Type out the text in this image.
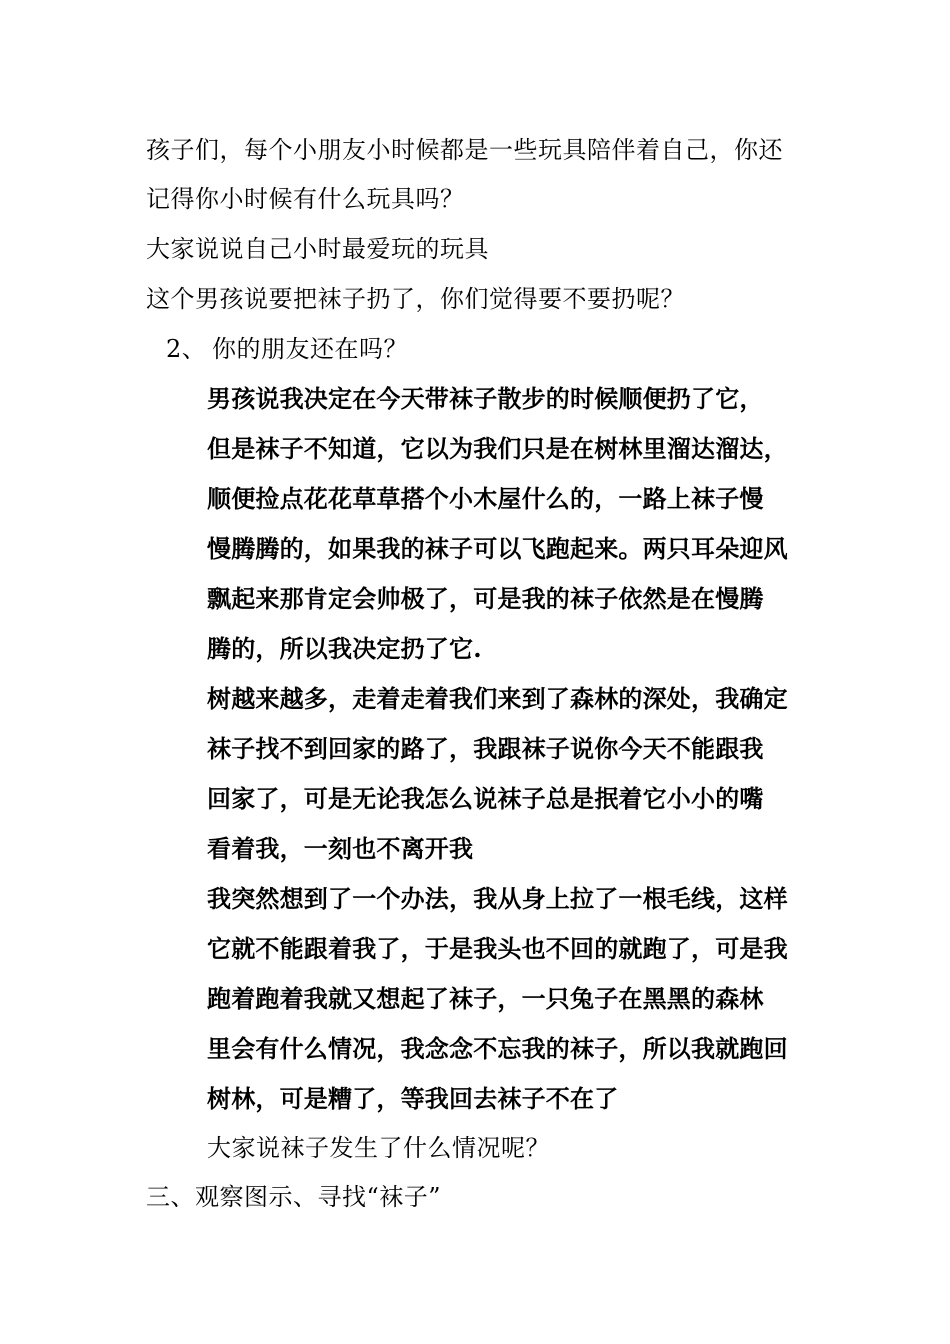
孩子们，每个小朋友小时候都是一些玩具陪伴着自己，你还
记得你小时候有什么玩具吗？
大家说说自己小时最爱玩的玩具
这个男孩说要把袜子扔了，你们觉得要不要扔呢？
2、 你的朋友还在吗？
男孩说我决定在今天带袜子散步的时候顺便扔了它，
但是袜子不知道，它以为我们只是在树林里溜达溜达，
顺便捡点花花草草搭个小木屋什么的，一路上袜子慢
慢腾腾的，如果我的袜子可以飞跑起来。两只耳朵迎风
飘起来那肯定会帅极了，可是我的袜子依然是在慢腾
腾的，所以我决定扔了它.
树越来越多，走着走着我们来到了森林的深处，我确定
袜子找不到回家的路了，我跟袜子说你今天不能跟我
回家了，可是无论我怎么说袜子总是抿着它小小的嘴
看着我，一刻也不离开我
我突然想到了一个办法，我从身上拉了一根毛线，这样
它就不能跟着我了，于是我头也不回的就跑了，可是我
跑着跑着我就又想起了袜子，一只兔子在黑黑的森林
里会有什么情况，我念念不忘我的袜子，所以我就跑回
树林，可是糟了，等我回去袜子不在了
大家说袜子发生了什么情况呢？
三、观察图示、寻找“袜子”
